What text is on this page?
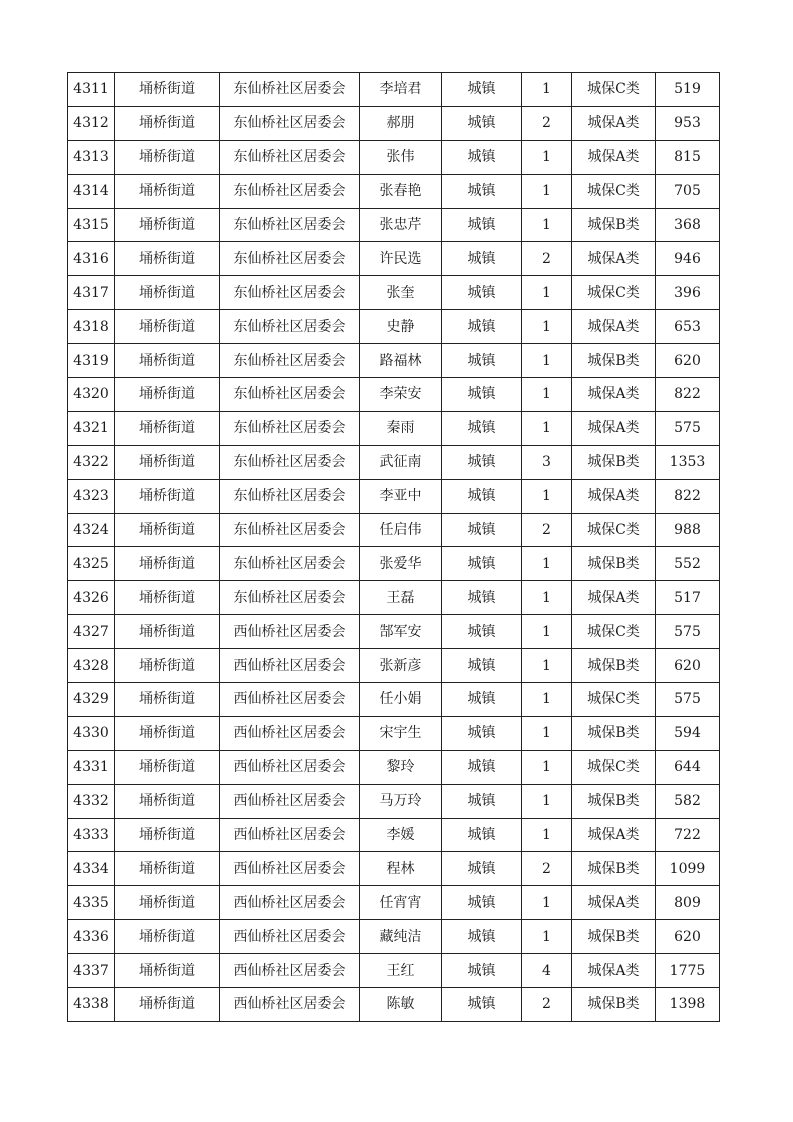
4311	埇桥街道	东仙桥社区居委会	李培君	城镇	1	城保C类	519
4312	埇桥街道	东仙桥社区居委会	郝朋	城镇	2	城保A类	953
4313	埇桥街道	东仙桥社区居委会	张伟	城镇	1	城保A类	815
4314	埇桥街道	东仙桥社区居委会	张春艳	城镇	1	城保C类	705
4315	埇桥街道	东仙桥社区居委会	张忠芹	城镇	1	城保B类	368
4316	埇桥街道	东仙桥社区居委会	许民选	城镇	2	城保A类	946
4317	埇桥街道	东仙桥社区居委会	张奎	城镇	1	城保C类	396
4318	埇桥街道	东仙桥社区居委会	史静	城镇	1	城保A类	653
4319	埇桥街道	东仙桥社区居委会	路福林	城镇	1	城保B类	620
4320	埇桥街道	东仙桥社区居委会	李荣安	城镇	1	城保A类	822
4321	埇桥街道	东仙桥社区居委会	秦雨	城镇	1	城保A类	575
4322	埇桥街道	东仙桥社区居委会	武征南	城镇	3	城保B类	1353
4323	埇桥街道	东仙桥社区居委会	李亚中	城镇	1	城保A类	822
4324	埇桥街道	东仙桥社区居委会	任启伟	城镇	2	城保C类	988
4325	埇桥街道	东仙桥社区居委会	张爱华	城镇	1	城保B类	552
4326	埇桥街道	东仙桥社区居委会	王磊	城镇	1	城保A类	517
4327	埇桥街道	西仙桥社区居委会	郜军安	城镇	1	城保C类	575
4328	埇桥街道	西仙桥社区居委会	张新彦	城镇	1	城保B类	620
4329	埇桥街道	西仙桥社区居委会	任小娟	城镇	1	城保C类	575
4330	埇桥街道	西仙桥社区居委会	宋宇生	城镇	1	城保B类	594
4331	埇桥街道	西仙桥社区居委会	黎玲	城镇	1	城保C类	644
4332	埇桥街道	西仙桥社区居委会	马万玲	城镇	1	城保B类	582
4333	埇桥街道	西仙桥社区居委会	李媛	城镇	1	城保A类	722
4334	埇桥街道	西仙桥社区居委会	程林	城镇	2	城保B类	1099
4335	埇桥街道	西仙桥社区居委会	任宵宵	城镇	1	城保A类	809
4336	埇桥街道	西仙桥社区居委会	藏纯洁	城镇	1	城保B类	620
4337	埇桥街道	西仙桥社区居委会	王红	城镇	4	城保A类	1775
4338	埇桥街道	西仙桥社区居委会	陈敏	城镇	2	城保B类	1398
